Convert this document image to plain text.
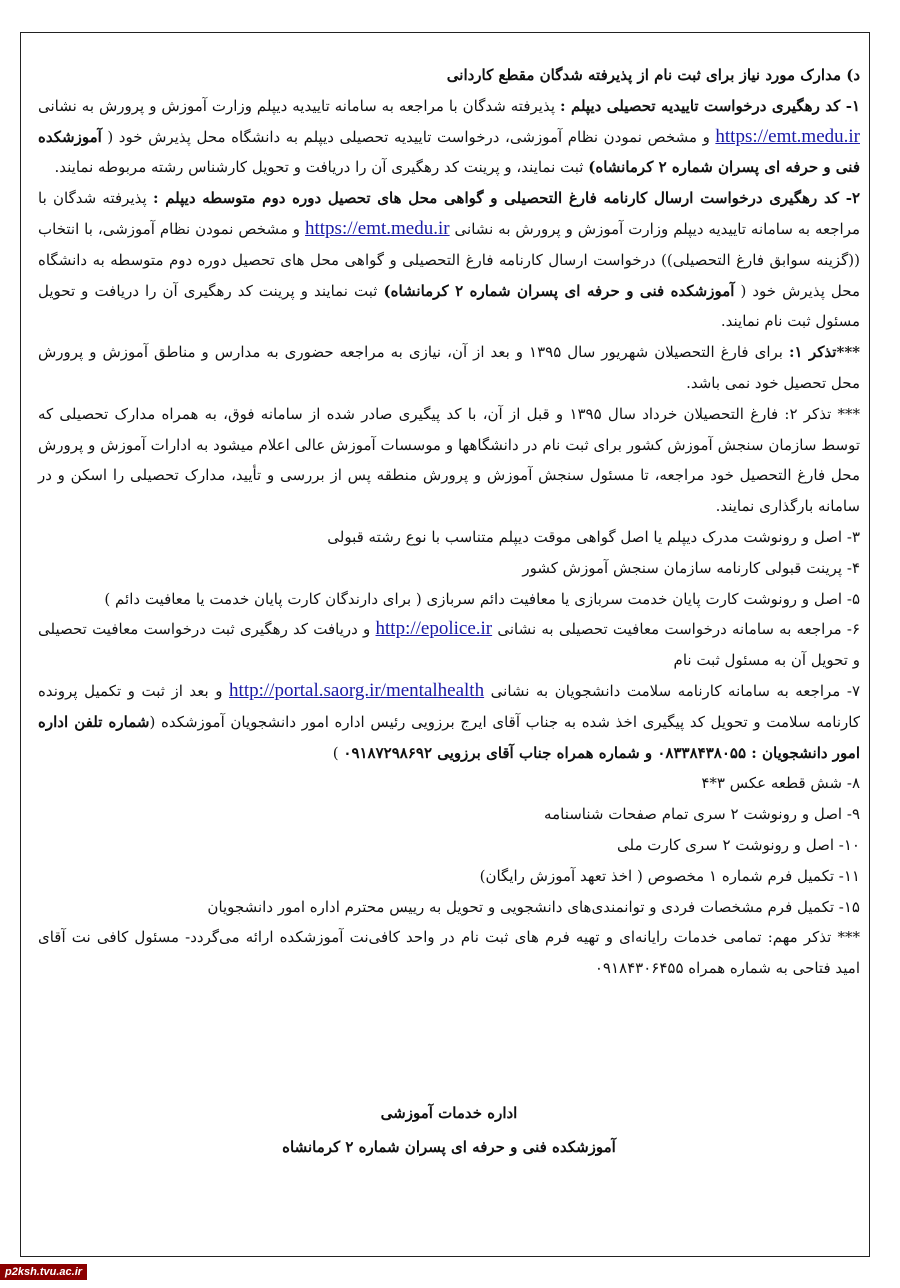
د) مدارک مورد نیاز برای ثبت نام از پذیرفته شدگان مقطع کاردانی

۱- کد رهگیری درخواست تاییدیه تحصیلی دیپلم : پذیرفته شدگان با مراجعه به سامانه تاییدیه دیپلم وزارت آموزش و پرورش به نشانی https://emt.medu.ir و مشخص نمودن نظام آموزشی، درخواست تاییدیه تحصیلی دیپلم به دانشگاه محل پذیرش خود ( آموزشکده فنی و حرفه ای پسران شماره ۲ کرمانشاه) ثبت نمایند، و پرینت کد رهگیری آن را دریافت و تحویل کارشناس رشته مربوطه نمایند.

۲- کد رهگیری درخواست ارسال کارنامه فارغ التحصیلی و گواهی محل های تحصیل دوره دوم متوسطه دیپلم : پذیرفته شدگان با مراجعه به سامانه تاییدیه دیپلم وزارت آموزش و پرورش به نشانی https://emt.medu.ir و مشخص نمودن نظام آموزشی، با انتخاب ((گزینه سوابق فارغ التحصیلی)) درخواست ارسال کارنامه فارغ التحصیلی و گواهی محل های تحصیل دوره دوم متوسطه به دانشگاه محل پذیرش خود ( آموزشکده فنی و حرفه ای پسران شماره ۲ کرمانشاه) ثبت نمایند و پرینت کد رهگیری آن را دریافت و تحویل مسئول ثبت نام نمایند.

***تذکر ۱: برای فارغ التحصیلان شهریور سال ۱۳۹۵ و بعد از آن، نیازی به مراجعه حضوری به مدارس و مناطق آموزش و پرورش محل تحصیل خود نمی باشد.

*** تذکر ۲: فارغ التحصیلان خرداد سال ۱۳۹۵ و قبل از آن، با کد پیگیری صادر شده از سامانه فوق، به همراه مدارک تحصیلی که توسط سازمان سنجش آموزش کشور برای ثبت نام در دانشگاهها و موسسات آموزش عالی اعلام میشود به ادارات آموزش و پرورش محل فارغ التحصیل خود مراجعه، تا مسئول سنجش آموزش و پرورش منطقه پس از بررسی و تأیید، مدارک تحصیلی را اسکن و در سامانه بارگذاری نمایند.

۳- اصل و رونوشت مدرک دیپلم یا اصل گواهی موقت دیپلم متناسب با نوع رشته قبولی

۴- پرینت قبولی کارنامه سازمان سنجش آموزش کشور

۵- اصل و رونوشت کارت پایان خدمت سربازی یا معافیت دائم سربازی ( برای دارندگان کارت پایان خدمت یا معافیت دائم )

۶- مراجعه به سامانه درخواست معافیت تحصیلی به نشانی http://epolice.ir و دریافت کد رهگیری ثبت درخواست معافیت تحصیلی و تحویل آن به مسئول ثبت نام

۷- مراجعه به سامانه کارنامه سلامت دانشجویان به نشانی http://portal.saorg.ir/mentalhealth و بعد از ثبت و تکمیل پرونده کارنامه سلامت و تحویل کد پیگیری اخذ شده به جناب آقای ایرج برزویی رئیس اداره امور دانشجویان آموزشکده (شماره تلفن اداره امور دانشجویان : ۰۸۳۳۸۴۳۸۰۵۵ و شماره همراه جناب آقای برزویی ۰۹۱۸۷۲۹۸۶۹۲ )

۸- شش قطعه عکس ۳*۴

۹- اصل و رونوشت ۲ سری تمام صفحات شناسنامه

۱۰- اصل و رونوشت ۲ سری کارت ملی

۱۱- تکمیل فرم شماره ۱ مخصوص ( اخذ تعهد آموزش رایگان)

۱۵- تکمیل فرم مشخصات فردی و توانمندی‌های دانشجویی و تحویل به رییس محترم اداره امور دانشجویان

*** تذکر مهم: تمامی خدمات رایانه‌ای و تهیه فرم های ثبت نام در واحد کافی‌نت آموزشکده ارائه می‌گردد- مسئول کافی نت آقای امید فتاحی به شماره همراه ۰۹۱۸۴۳۰۶۴۵۵

اداره خدمات آموزشی
آموزشکده فنی و حرفه ای پسران شماره ۲ کرمانشاه
p2ksh.tvu.ac.ir
